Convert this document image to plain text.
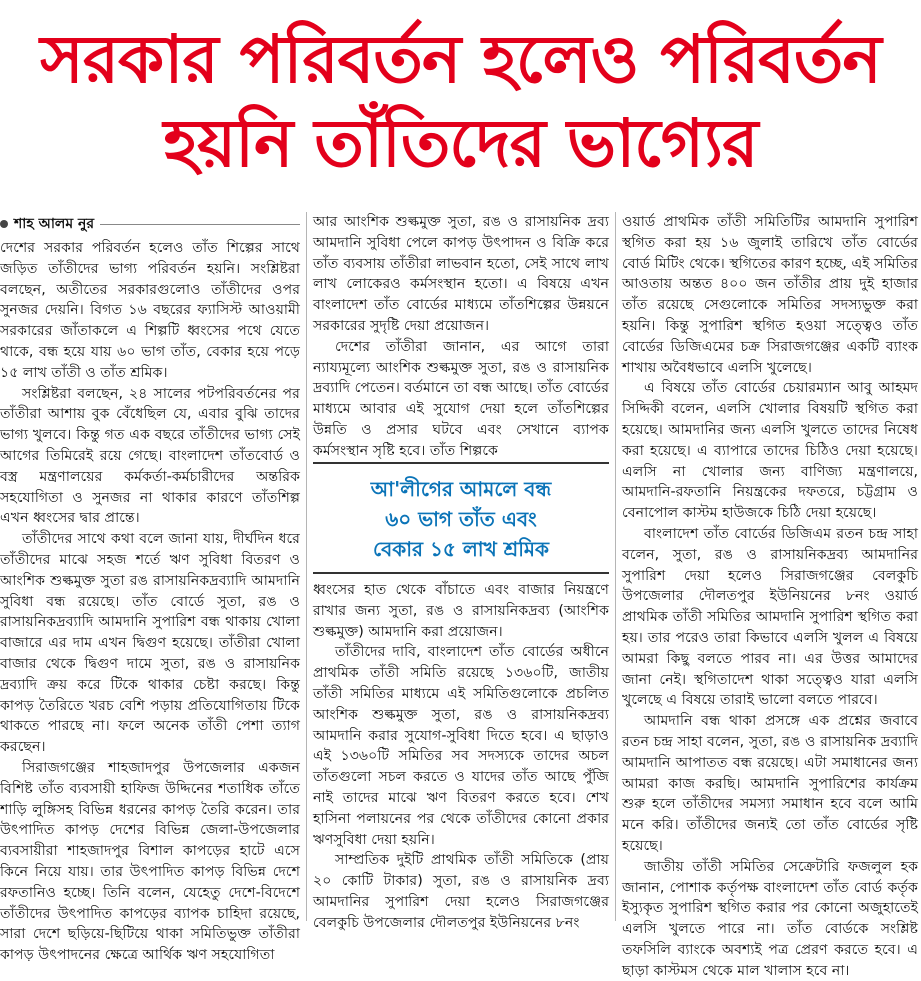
সরকার পরিবর্তন হলেও পরিবর্তন
হয়নি তাঁতিদের ভাগ্যের
শাহ আলম নুর

দেশের সরকার পরিবর্তন হলেও তাঁত শিল্পের সাথে জড়িত তাঁতীদের ভাগ্য পরিবর্তন হয়নি। সংশ্লিষ্টরা বলছেন, অতীতের সরকারগুলোও তাঁতীদের ওপর সুনজর দেয়নি। বিগত ১৬ বছরের ফ্যাসিস্ট আওয়ামী সরকারের জাঁতাকলে এ শিল্পটি ধ্বংসের পথে যেতে থাকে, বন্ধ হয়ে যায় ৬০ ভাগ তাঁত, বেকার হয়ে পড়ে ১৫ লাখ তাঁতী ও তাঁত শ্রমিক।

সংশ্লিষ্টরা বলছেন, ২৪ সালের পটপরিবর্তনের পর তাঁতীরা আশায় বুক বেঁধেছিল যে, এবার বুঝি তাদের ভাগ্য খুলবে। কিন্তু গত এক বছরে তাঁতীদের ভাগ্য সেই আগের তিমিরেই রয়ে গেছে। বাংলাদেশ তাঁতবোর্ড ও বস্ত্র মন্ত্রণালয়ের কর্মকর্তা-কর্মচারীদের অন্তরিক সহযোগিতা ও সুনজর না থাকার কারণে তাঁতশিল্প এখন ধ্বংসের দ্বার প্রান্তে।

তাঁতীদের সাথে কথা বলে জানা যায়, দীর্ঘদিন ধরে তাঁতীদের মাঝে সহজ শর্তে ঋণ সুবিধা বিতরণ ও আংশিক শুল্কমুক্ত সুতা রঙ রাসায়নিকদ্রব্যাদি আমদানি সুবিধা বন্ধ রয়েছে। তাঁত বোর্ডে সুতা, রঙ ও রাসায়নিকদ্রব্যাদি আমদানি সুপারিশ বন্ধ থাকায় খোলা বাজারে এর দাম এখন দ্বিগুণ হয়েছে। তাঁতীরা খোলা বাজার থেকে দ্বিগুণ দামে সুতা, রঙ ও রাসায়নিক দ্রব্যাদি ক্রয় করে টিকে থাকার চেষ্টা করছে। কিন্তু কাপড় তৈরিতে খরচ বেশি পড়ায় প্রতিযোগিতায় টিকে থাকতে পারছে না। ফলে অনেক তাঁতী পেশা ত্যাগ করছেন।

সিরাজগঞ্জের শাহজাদপুর উপজেলার একজন বিশিষ্ট তাঁত ব্যবসায়ী হাফিজ উদ্দিনের শতাধিক তাঁতে শাড়ি লুঙ্গিসহ বিভিন্ন ধরনের কাপড় তৈরি করেন। তার উৎপাদিত কাপড় দেশের বিভিন্ন জেলা-উপজেলার ব্যবসায়ীরা শাহজাদপুর বিশাল কাপড়ের হাটে এসে কিনে নিয়ে যায়। তার উৎপাদিত কাপড় বিভিন্ন দেশে রফতানিও হচ্ছে। তিনি বলেন, যেহেতু দেশে-বিদেশে তাঁতীদের উৎপাদিত কাপড়ের ব্যাপক চাহিদা রয়েছে, সারা দেশে ছড়িয়ে-ছিটিয়ে থাকা সমিতিভুক্ত তাঁতীরা কাপড় উৎপাদনের ক্ষেত্রে আর্থিক ঋণ সহযোগিতা

আর আংশিক শুল্কমুক্ত সুতা, রঙ ও রাসায়নিক দ্রব্য আমদানি সুবিধা পেলে কাপড় উৎপাদন ও বিক্রি করে তাঁত ব্যবসায় তাঁতীরা লাভবান হতো, সেই সাথে লাখ লাখ লোকেরও কর্মসংস্থান হতো। এ বিষয়ে এখন বাংলাদেশ তাঁত বোর্ডের মাধ্যমে তাঁতশিল্পের উন্নয়নে সরকারের সুদৃষ্টি দেয়া প্রয়োজন।

দেশের তাঁতীরা জানান, এর আগে তারা ন্যায্যমূল্যে আংশিক শুল্কমুক্ত সুতা, রঙ ও রাসায়নিক দ্রব্যাদি পেতেন। বর্তমানে তা বন্ধ আছে। তাঁত বোর্ডের মাধ্যমে আবার এই সুযোগ দেয়া হলে তাঁতশিল্পের উন্নতি ও প্রসার ঘটবে এবং সেখানে ব্যাপক কর্মসংস্থান সৃষ্টি হবে। তাঁত শিল্পকে

আ'লীগের আমলে বন্ধ
৬০ ভাগ তাঁত এবং
বেকার ১৫ লাখ শ্রমিক

ধ্বংসের হাত থেকে বাঁচাতে এবং বাজার নিয়ন্ত্রণে রাখার জন্য সুতা, রঙ ও রাসায়নিকদ্রব্য (আংশিক শুল্কমুক্ত) আমদানি করা প্রয়োজন।

তাঁতীদের দাবি, বাংলাদেশ তাঁত বোর্ডের অধীনে প্রাথমিক তাঁতী সমিতি রয়েছে ১৩৬০টি, জাতীয় তাঁতী সমিতির মাধ্যমে এই সমিতিগুলোকে প্রচলিত আংশিক শুল্কমুক্ত সুতা, রঙ ও রাসায়নিকদ্রব্য আমদানি করার সুযোগ-সুবিধা দিতে হবে। এ ছাড়াও এই ১৩৬০টি সমিতির সব সদস্যকে তাদের অচল তাঁতগুলো সচল করতে ও যাদের তাঁত আছে পুঁজি নাই তাদের মাঝে ঋণ বিতরণ করতে হবে। শেখ হাসিনা পলায়নের পর থেকে তাঁতীদের কোনো প্রকার ঋণসুবিধা দেয়া হয়নি।

সাম্প্রতিক দুইটি প্রাথমিক তাঁতী সমিতিকে (প্রায় ২০ কোটি টাকার) সুতা, রঙ ও রাসায়নিক দ্রব্য আমদানির সুপারিশ দেয়া হলেও সিরাজগঞ্জের বেলকুচি উপজেলার দৌলতপুর ইউনিয়নের ৮নং

ওয়ার্ড প্রাথমিক তাঁতী সমিতিটির আমদানি সুপারিশ স্থগিত করা হয় ১৬ জুলাই তারিখে তাঁত বোর্ডের বোর্ড মিটিং থেকে। স্থগিতের কারণ হচ্ছে, এই সমিতির আওতায় অন্তত ৪০০ জন তাঁতীর প্রায় দুই হাজার তাঁত রয়েছে সেগুলোকে সমিতির সদস্যভুক্ত করা হয়নি। কিন্তু সুপারিশ স্থগিত হওয়া সত্ত্বেও তাঁত বোর্ডের ডিজিএমের চক্র সিরাজগঞ্জের একটি ব্যাংক শাখায় অবৈধভাবে এলসি খুলেছে।

এ বিষয়ে তাঁত বোর্ডের চেয়ারম্যান আবু আহমদ সিদ্দিকী বলেন, এলসি খোলার বিষয়টি স্থগিত করা হয়েছে। আমদানির জন্য এলসি খুলতে তাদের নিষেধ করা হয়েছে। এ ব্যাপারে তাদের চিঠিও দেয়া হয়েছে। এলসি না খোলার জন্য বাণিজ্য মন্ত্রণালয়ে, আমদানি-রফতানি নিয়ন্ত্রকের দফতরে, চট্টগ্রাম ও বেনাপোল কাস্টম হাউজকে চিঠি দেয়া হয়েছে।

বাংলাদেশ তাঁত বোর্ডের ডিজিএম রতন চন্দ্র সাহা বলেন, সুতা, রঙ ও রাসায়নিকদ্রব্য আমদানির সুপারিশ দেয়া হলেও সিরাজগঞ্জের বেলকুচি উপজেলার দৌলতপুর ইউনিয়নের ৮নং ওয়ার্ড প্রাথমিক তাঁতী সমিতির আমদানি সুপারিশ স্থগিত করা হয়। তার পরেও তারা কিভাবে এলসি খুলল এ বিষয়ে আমরা কিছু বলতে পারব না। এর উত্তর আমাদের জানা নেই। স্থগিতাদেশ থাকা সত্ত্বেও যারা এলসি খুলেছে এ বিষয়ে তারাই ভালো বলতে পারবে।

আমদানি বন্ধ থাকা প্রসঙ্গে এক প্রশ্নের জবাবে রতন চন্দ্র সাহা বলেন, সুতা, রঙ ও রাসায়নিক দ্রব্যাদি আমদানি আপাতত বন্ধ রয়েছে। এটা সমাধানের জন্য আমরা কাজ করছি। আমদানি সুপারিশের কার্যক্রম শুরু হলে তাঁতীদের সমস্যা সমাধান হবে বলে আমি মনে করি। তাঁতীদের জন্যই তো তাঁত বোর্ডের সৃষ্টি হয়েছে।

জাতীয় তাঁতী সমিতির সেক্রেটারি ফজলুল হক জানান, পোশাক কর্তৃপক্ষ বাংলাদেশ তাঁত বোর্ড কর্তৃক ইস্যুকৃত সুপারিশ স্থগিত করার পর কোনো অজুহাতেই এলসি খুলতে পারে না। তাঁত বোর্ডকে সংশ্লিষ্ট তফসিলি ব্যাংকে অবশ্যই পত্র প্রেরণ করতে হবে। এ ছাড়া কাস্টমস থেকে মাল খালাস হবে না।
